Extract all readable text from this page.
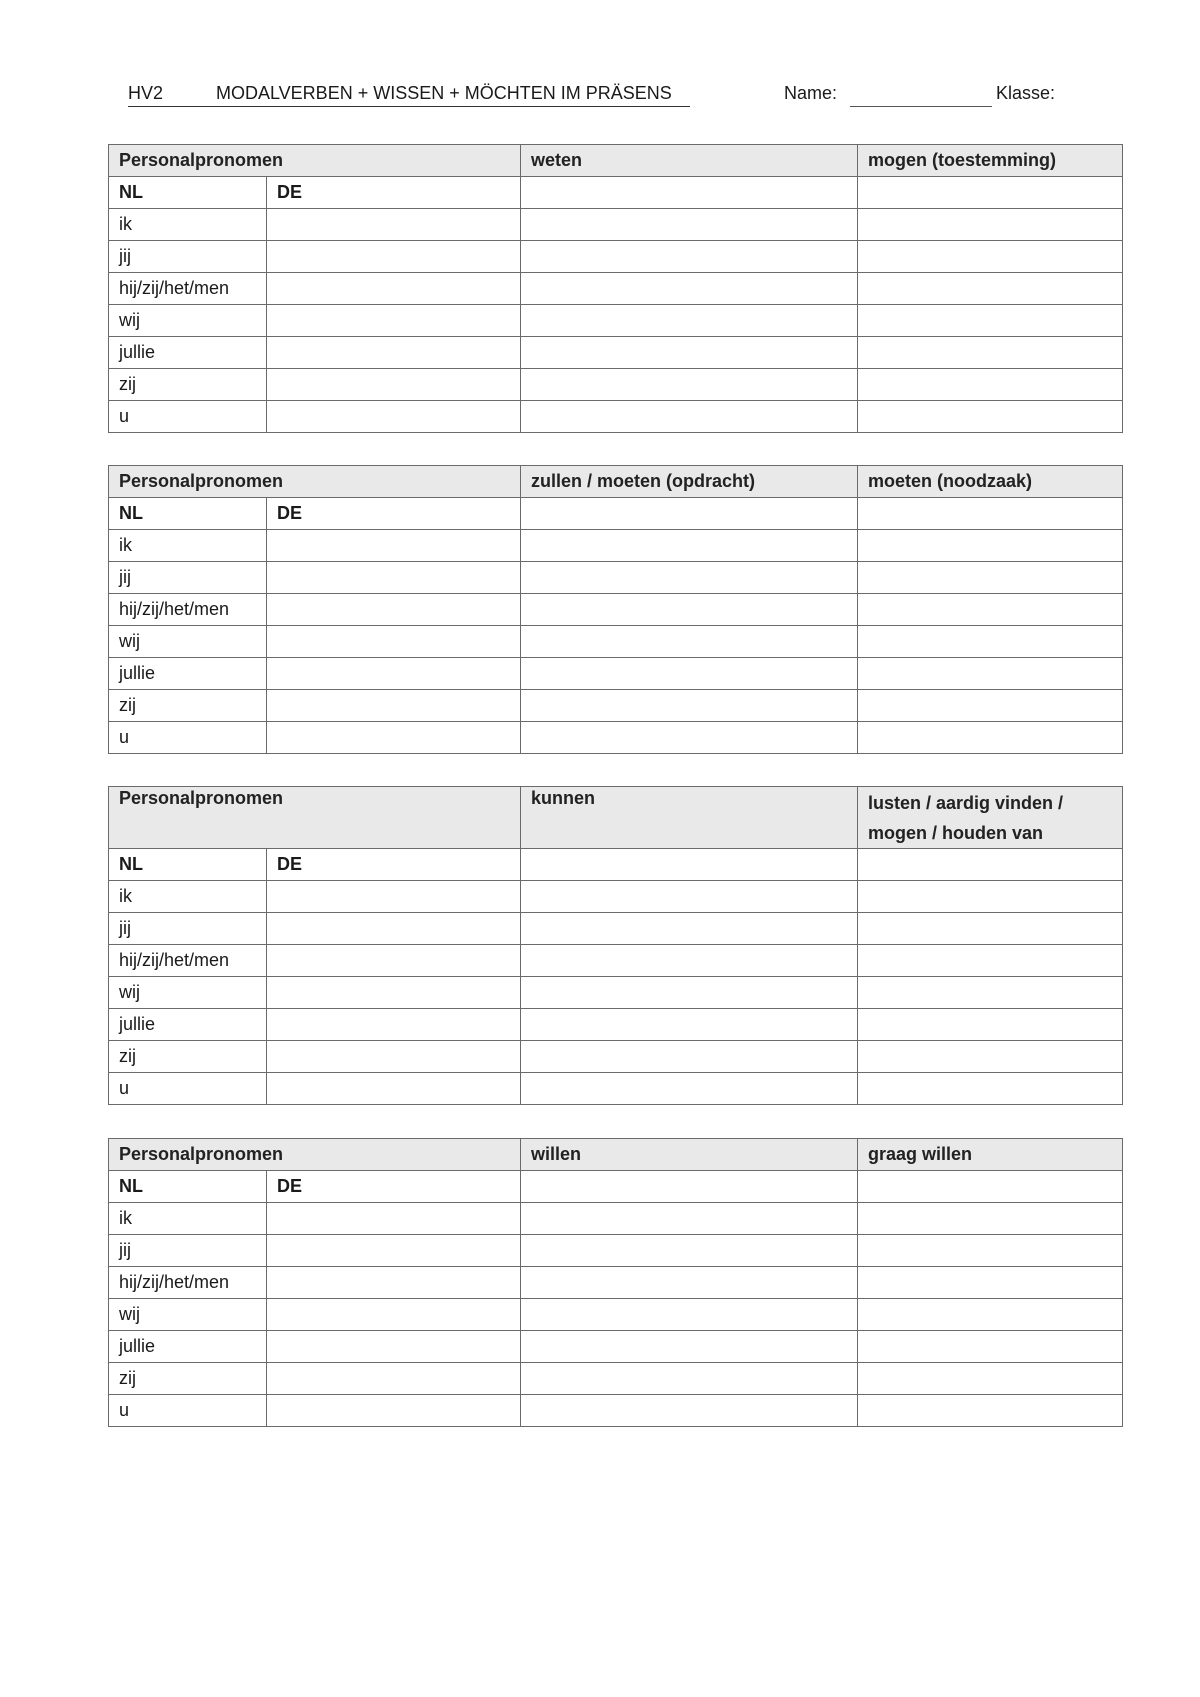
HV2	MODALVERBEN + WISSEN + MÖCHTEN IM PRÄSENS	Name:	Klasse:
Personalpronomen		weten	mogen (toestemming)
NL	DE		
ik			
jij			
hij/zij/het/men			
wij			
jullie			
zij			
u			
Personalpronomen		zullen / moeten (opdracht)	moeten (noodzaak)
NL	DE		
ik			
jij			
hij/zij/het/men			
wij			
jullie			
zij			
u			
Personalpronomen		kunnen	lusten / aardig vinden / mogen / houden van
NL	DE		
ik			
jij			
hij/zij/het/men			
wij			
jullie			
zij			
u			
Personalpronomen		willen	graag willen
NL	DE		
ik			
jij			
hij/zij/het/men			
wij			
jullie			
zij			
u			
